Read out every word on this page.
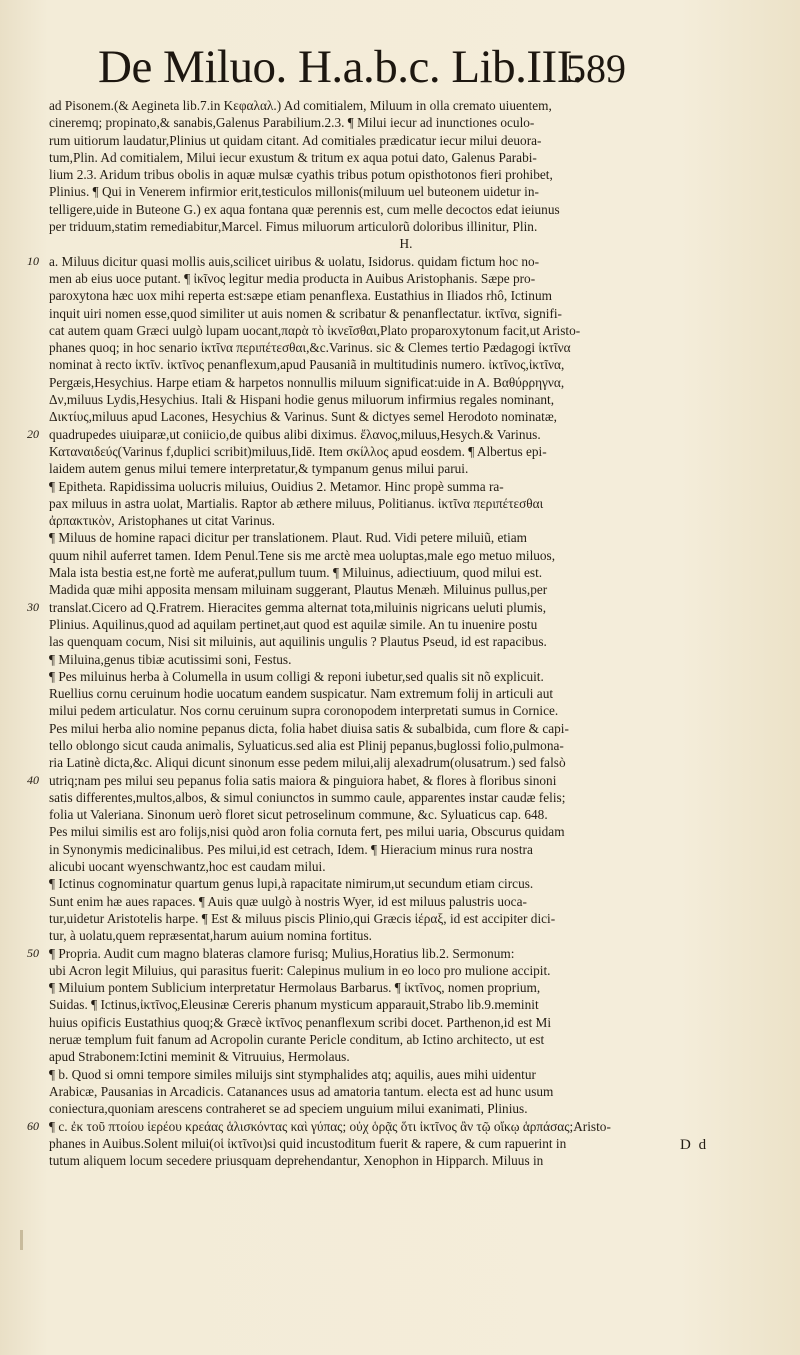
De Miluo. H.a.b.c. Lib.III.
589
ad Pisonem.(& Aegineta lib.7.in Κεφαλαλ.) Ad comitialem, Miluum in olla cremato uiuentem,
cineremq; propinato,& sanabis,Galenus Parabilium.2.3. ¶ Milui iecur ad inunctiones oculo-
rum uitiorum laudatur,Plinius ut quidam citant. Ad comitiales prædicatur iecur milui deuora-
tum,Plin. Ad comitialem, Milui iecur exustum & tritum ex aqua potui dato, Galenus Parabi-
lium 2.3. Aridum tribus obolis in aquæ mulsæ cyathis tribus potum opisthotonos fieri prohibet,
Plinius. ¶ Qui in Venerem infirmior erit,testiculos millonis(miluum uel buteonem uidetur in-
telligere,uide in Buteone G.) ex aqua fontana quæ perennis est, cum melle decoctos edat ieiunus
per triduum,statim remediabitur,Marcel. Fimus miluorum articulorũ doloribus illinitur, Plin.
H.
10 a. Miluus dicitur quasi mollis auis,scilicet uiribus & uolatu, Isidorus. quidam fictum hoc no-
men ab eius uoce putant. ¶ ἰκῖνος legitur media producta in Auibus Aristophanis. Sæpe pro-
paroxytona hæc uox mihi reperta est:sæpe etiam penanflexa. Eustathius in Iliados rhô, Ictinum
inquit uiri nomen esse,quod similiter ut auis nomen & scribatur & penanflectatur. ἰκτῖνα, signifi-
cat autem quam Græci uulgò lupam uocant,παρὰ τὸ ἰκνεῖσθαι,Plato proparoxytonum facit,ut Aristo-
phanes quoq; in hoc senario ἰκτῖνα περιπέτεσθαι,&c.Varinus. sic & Clemes tertio Pædagogi ἰκτῖνα
nominat à recto ἰκτῖν. ἰκτῖνος penanflexum,apud Pausaniã in multitudinis numero. ἰκτῖνος,ἰκτῖνα,
Pergæis,Hesychius. Harpe etiam & harpetos nonnullis miluum significat:uide in A. Βαθύρρηγνα,
Δν,miluus Lydis,Hesychius. Itali & Hispani hodie genus miluorum infirmius regales nominant,
Δικτίυς,miluus apud Lacones, Hesychius & Varinus. Sunt & dictyes semel Herodoto nominatæ,
20 quadrupedes uiuiparæ,ut coniicio,de quibus alibi diximus. ἔλανος,miluus,Hesych.& Varinus.
Καταναιδεύς(Varinus f,duplici scribit)miluus,Iidē. Item σκίλλος apud eosdem. ¶ Albertus epi-
laidem autem genus milui temere interpretatur,& tympanum genus milui parui.
¶ Epitheta. Rapidissima uolucris miluius, Ouidius 2. Metamor. Hinc propè summa ra-
pax miluus in astra uolat, Martialis. Raptor ab æthere miluus, Politianus. ἰκτῖνα περιπέτεσθαι
ἀρπακτικὸν, Aristophanes ut citat Varinus.
¶ Miluus de homine rapaci dicitur per translationem. Plaut. Rud. Vidi petere miluiũ, etiam
quum nihil auferret tamen. Idem Penul.Tene sis me arctè mea uoluptas,male ego metuo miluos,
Mala ista bestia est,ne fortè me auferat,pullum tuum. ¶ Miluinus, adiectiuum, quod milui est.
Madida quæ mihi apposita mensam miluinam suggerant, Plautus Menæh. Miluinus pullus,per
30 translat.Cicero ad Q.Fratrem. Hieracites gemma alternat tota,miluinis nigricans ueluti plumis,
Plinius. Aquilinus,quod ad aquilam pertinet,aut quod est aquilæ simile. An tu inuenire postu
las quenquam cocum, Nisi sit miluinis, aut aquilinis ungulis ? Plautus Pseud, id est rapacibus.
¶ Miluina,genus tibiæ acutissimi soni, Festus.
¶ Pes miluinus herba à Columella in usum colligi & reponi iubetur,sed qualis sit nõ explicuit.
Ruellius cornu ceruinum hodie uocatum eandem suspicatur. Nam extremum folij in articuli aut
milui pedem articulatur. Nos cornu ceruinum supra coronopodem interpretati sumus in Cornice.
Pes milui herba alio nomine pepanus dicta, folia habet diuisa satis & subalbida, cum flore & capi-
tello oblongo sicut cauda animalis, Syluaticus.sed alia est Plinij pepanus,buglossi folio,pulmona-
ria Latinè dicta,&c. Aliqui dicunt sinonum esse pedem milui,alij alexadrum(olusatrum.) sed falsò
40 utriq;nam pes milui seu pepanus folia satis maiora & pinguiora habet, & flores à floribus sinoni
satis differentes,multos,albos, & simul coniunctos in summo caule, apparentes instar caudæ felis;
folia ut Valeriana. Sinonum uerò floret sicut petroselinum commune, &c. Syluaticus cap. 648.
Pes milui similis est aro folijs,nisi quòd aron folia cornuta fert, pes milui uaria, Obscurus quidam
in Synonymis medicinalibus. Pes milui,id est cetrach, Idem. ¶ Hieracium minus rura nostra
alicubi uocant wyenschwantz,hoc est caudam milui.
¶ Ictinus cognominatur quartum genus lupi,à rapacitate nimirum,ut secundum etiam circus.
Sunt enim hæ aues rapaces. ¶ Auis quæ uulgò à nostris Wyer, id est miluus palustris uoca-
tur,uidetur Aristotelis harpe. ¶ Est & miluus piscis Plinio,qui Græcis ἱέραξ, id est accipiter dici-
tur, à uolatu,quem repræsentat,harum auium nomina fortitus.
50 ¶ Propria. Audit cum magno blateras clamore furisq; Mulius,Horatius lib.2. Sermonum:
ubi Acron legit Miluius, qui parasitus fuerit: Calepinus mulium in eo loco pro mulione accipit.
¶ Miluium pontem Sublicium interpretatur Hermolaus Barbarus. ¶ ἰκτῖνος, nomen proprium,
Suidas. ¶ Ictinus,ἰκτῖνος,Eleusinæ Cereris phanum mysticum apparauit,Strabo lib.9.meminit
huius opificis Eustathius quoq;& Græcè ἰκτῖνος penanflexum scribi docet. Parthenon,id est Mi
neruæ templum fuit fanum ad Acropolin curante Pericle conditum, ab Ictino architecto, ut est
apud Strabonem:Ictini meminit & Vitruuius, Hermolaus.
¶ b. Quod si omni tempore similes miluijs sint stymphalides atq; aquilis, aues mihi uidentur
Arabicæ, Pausanias in Arcadicis. Catanances usus ad amatoria tantum. electa est ad hunc usum
coniectura,quoniam arescens contraheret se ad speciem unguium milui exanimati, Plinius.
60 ¶ c. ἐκ τοῦ πτοίου ἱερέου κρεάας ἁλισκόντας καὶ γύπας; οὐχ ὁρᾷς ὅτι ἰκτῖνος ἂν τῷ οἴκῳ ἁρπάσας;Aristo-
phanes in Auibus.Solent milui(οἱ ἰκτῖνοι)si quid incustoditum fuerit & rapere, & cum rapuerint in
tutum aliquem locum secedere priusquam deprehendantur, Xenophon in Hipparch. Miluus in
D d
